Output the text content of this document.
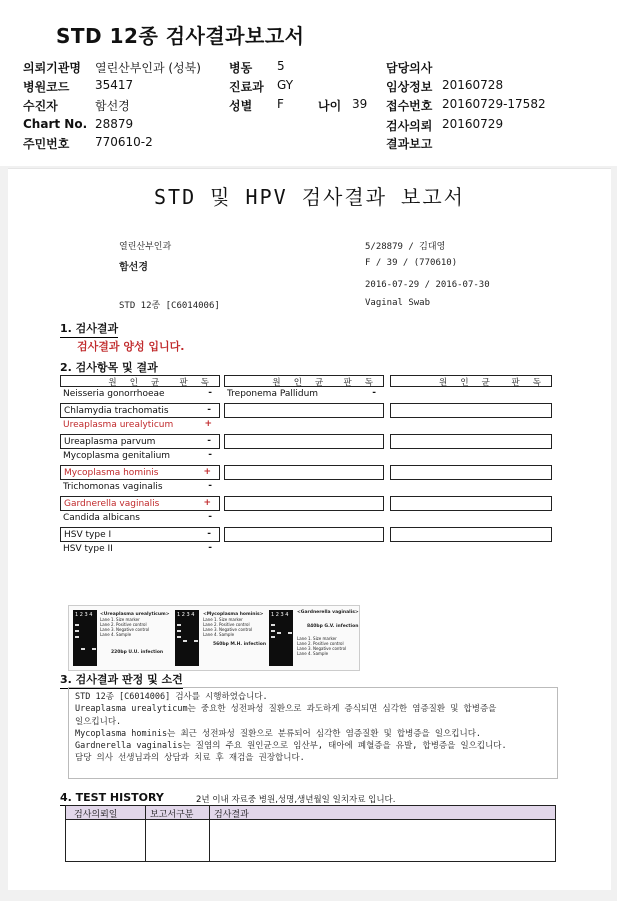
STD 12종 검사결과보고서
의뢰기관명 열린산부인과 (성북)
병원코드 35417
수진자	함선경
Chart No. 28879
주민번호 770610-2
병동 5
진료과 GY
성별 F	나이 39
담당의사
임상정보 20160728
접수번호 20160729-17582
검사의뢰 20160729
결과보고
STD 및 HPV 검사결과 보고서
열린산부인과	5/28879 / 김대영
함선경	F / 39 / (770610)
2016-07-29 / 2016-07-30
STD 12종 [C6014006]	Vaginal Swab
1. 검사결과
검사결과 양성 입니다.
2. 검사항목 및 결과
원 인 균 판 독
Neisseria gonorrhoeae	-
Chlamydia trachomatis	-
Ureaplasma urealyticum	+
Ureaplasma parvum	-
Mycoplasma genitalium	-
Mycoplasma hominis	+
Trichomonas vaginalis	-
Gardnerella vaginalis	+
Candida albicans	-
HSV type I	-
HSV type II	-
원 인 균 판 독
Treponema Pallidum	-
원 인 균 판 독
1 2 3 4 <Ureaplasma urealyticum>
Lane 1. Size marker
Lane 2. Positive control
Lane 3. Negative control
Lane 4. Sample
220bp U.U. infection
1 2 3 4 <Mycoplasma hominis>
Lane 1. Size marker
Lane 2. Positive control
Lane 3. Negative control
Lane 4. Sample
560bp M.H. infection
1 2 3 4
Lane 1. Size marker
Lane 2. Positive control
Lane 3. Negative control
Lane 4. Sample
<Gardnerella vaginalis>
840bp G.V. infection
3. 검사결과 판정 및 소견
STD 12종 [C6014006] 검사를 시행하였습니다.
Ureaplasma urealyticum는 중요한 성전파성 질환으로 과도하게 증식되면 심각한 염증질환 및 합병증을
일으킵니다.
Mycoplasma hominis는 최근 성전파성 질환으로 분류되어 심각한 염증질환 및 합병증을 일으킵니다.
Gardnerella vaginalis는 질염의 주요 원인균으로 임산부, 태아에 폐혈증을 유발, 합병증을 일으킵니다.
담당 의사 선생님과의 상담과 치료 후 재검을 권장합니다.
4. TEST HISTORY	2년 이내 자료중 병원,성명,생년월일 일치자료 입니다.
검사의뢰일	보고서구분 검사결과
